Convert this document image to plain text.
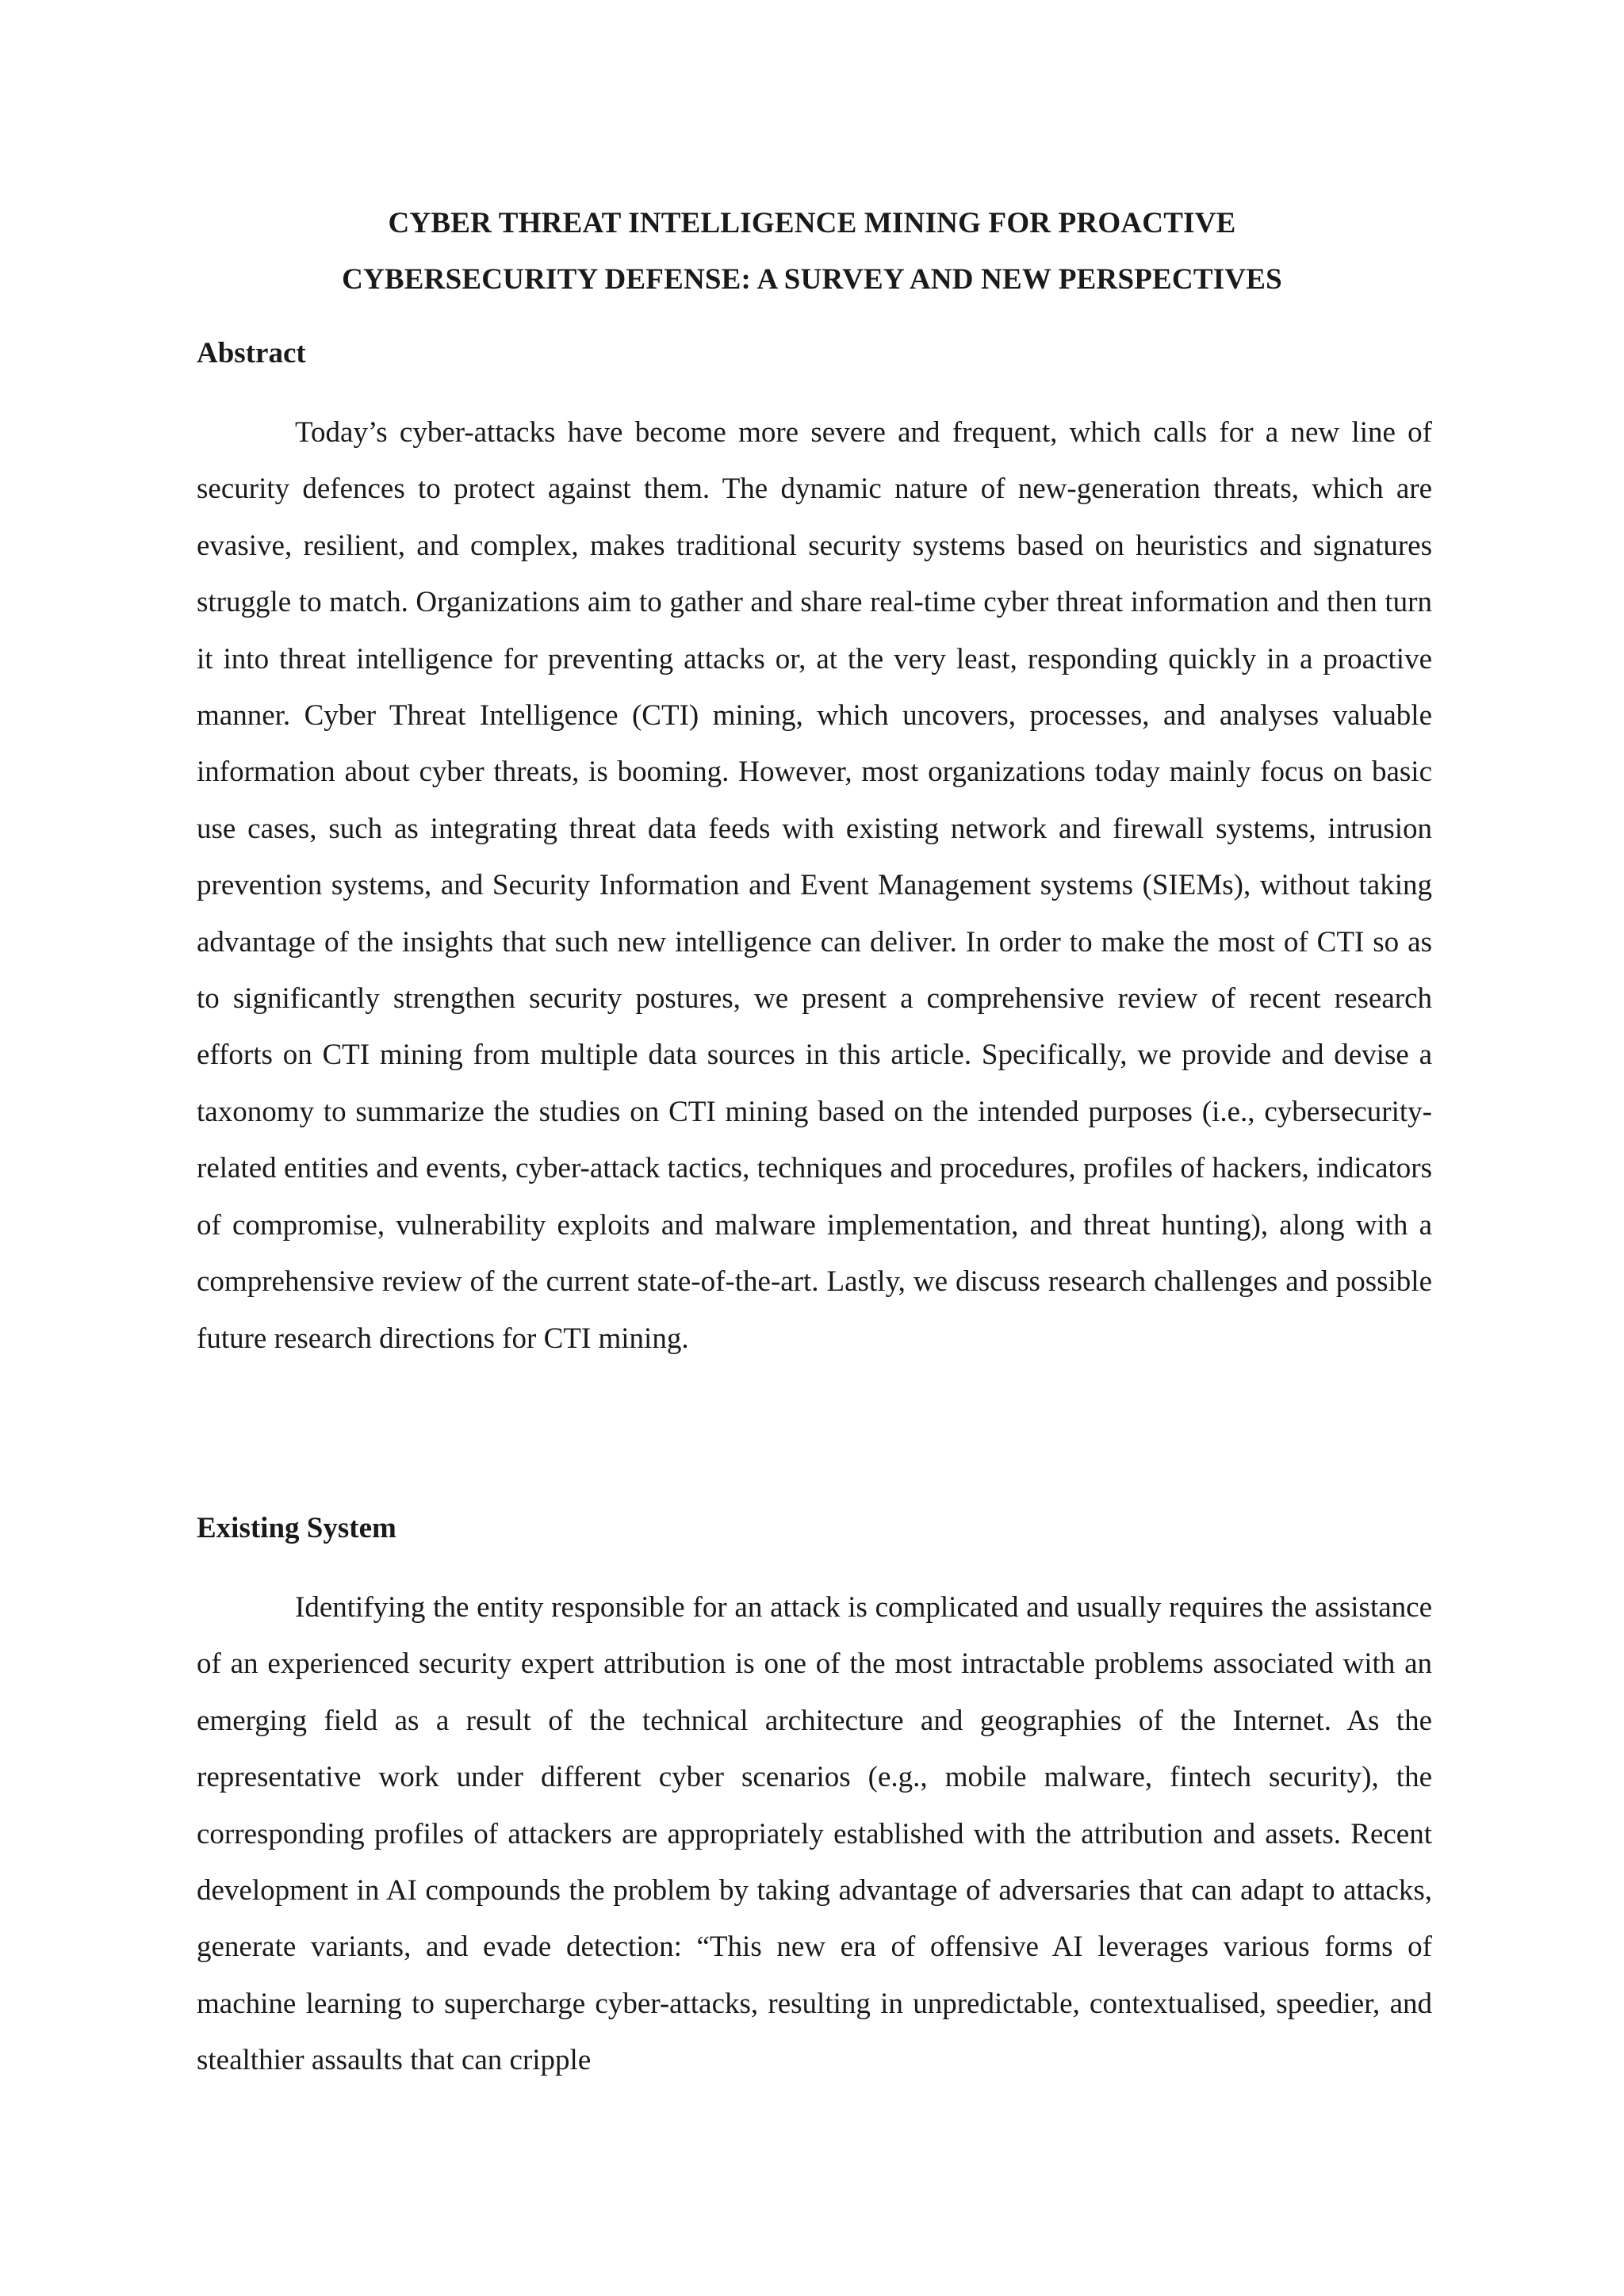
CYBER THREAT INTELLIGENCE MINING FOR PROACTIVE
CYBERSECURITY DEFENSE: A SURVEY AND NEW PERSPECTIVES
Abstract

Today’s cyber-attacks have become more severe and frequent, which calls for a new line of security defences to protect against them. The dynamic nature of new-generation threats, which are evasive, resilient, and complex, makes traditional security systems based on heuristics and signatures struggle to match. Organizations aim to gather and share real-time cyber threat information and then turn it into threat intelligence for preventing attacks or, at the very least, responding quickly in a proactive manner. Cyber Threat Intelligence (CTI) mining, which uncovers, processes, and analyses valuable information about cyber threats, is booming. However, most organizations today mainly focus on basic use cases, such as integrating threat data feeds with existing network and firewall systems, intrusion prevention systems, and Security Information and Event Management systems (SIEMs), without taking advantage of the insights that such new intelligence can deliver. In order to make the most of CTI so as to significantly strengthen security postures, we present a comprehensive review of recent research efforts on CTI mining from multiple data sources in this article. Specifically, we provide and devise a taxonomy to summarize the studies on CTI mining based on the intended purposes (i.e., cybersecurity-related entities and events, cyber-attack tactics, techniques and procedures, profiles of hackers, indicators of compromise, vulnerability exploits and malware implementation, and threat hunting), along with a comprehensive review of the current state-of-the-art. Lastly, we discuss research challenges and possible future research directions for CTI mining.

Existing System

Identifying the entity responsible for an attack is complicated and usually requires the assistance of an experienced security expert attribution is one of the most intractable problems associated with an emerging field as a result of the technical architecture and geographies of the Internet. As the representative work under different cyber scenarios (e.g., mobile malware, fintech security), the corresponding profiles of attackers are appropriately established with the attribution and assets. Recent development in AI compounds the problem by taking advantage of adversaries that can adapt to attacks, generate variants, and evade detection: “This new era of offensive AI leverages various forms of machine learning to supercharge cyber-attacks, resulting in unpredictable, contextualised, speedier, and stealthier assaults that can cripple
